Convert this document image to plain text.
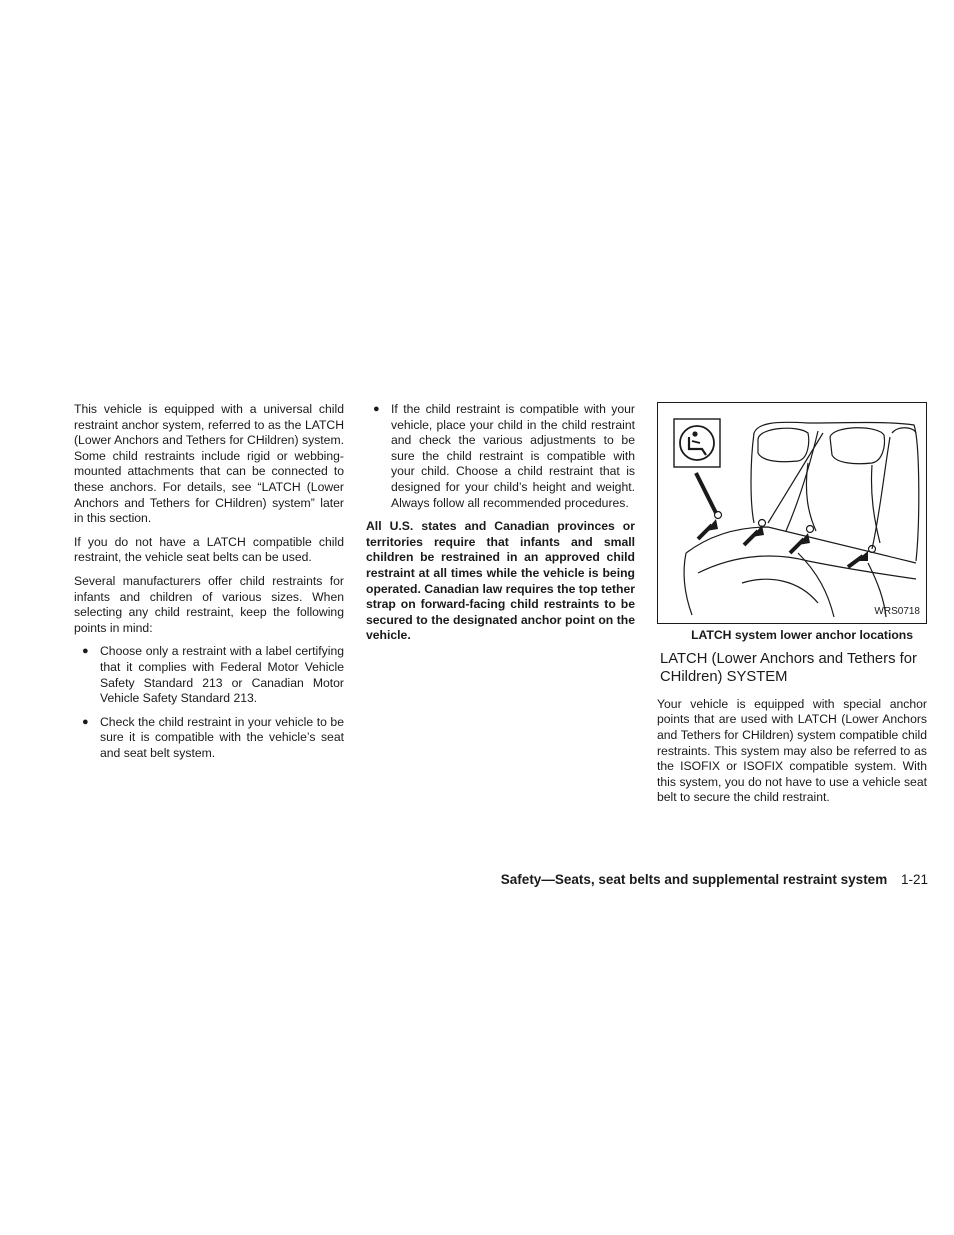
This vehicle is equipped with a universal child restraint anchor system, referred to as the LATCH (Lower Anchors and Tethers for CHildren) system. Some child restraints include rigid or webbing-mounted attachments that can be connected to these anchors. For details, see “LATCH (Lower Anchors and Tethers for CHildren) system” later in this section.

If you do not have a LATCH compatible child restraint, the vehicle seat belts can be used.

Several manufacturers offer child restraints for infants and children of various sizes. When selecting any child restraint, keep the following points in mind:

● Choose only a restraint with a label certifying that it complies with Federal Motor Vehicle Safety Standard 213 or Canadian Motor Vehicle Safety Standard 213.
● Check the child restraint in your vehicle to be sure it is compatible with the vehicle’s seat and seat belt system.
● If the child restraint is compatible with your vehicle, place your child in the child restraint and check the various adjustments to be sure the child restraint is compatible with your child. Choose a child restraint that is designed for your child’s height and weight. Always follow all recommended procedures.

All U.S. states and Canadian provinces or territories require that infants and small children be restrained in an approved child restraint at all times while the vehicle is being operated. Canadian law requires the top tether strap on forward-facing child restraints to be secured to the designated anchor point on the vehicle.

WRS0718
LATCH system lower anchor locations
LATCH (Lower Anchors and Tethers for CHildren) SYSTEM

Your vehicle is equipped with special anchor points that are used with LATCH (Lower Anchors and Tethers for CHildren) system compatible child restraints. This system may also be referred to as the ISOFIX or ISOFIX compatible system. With this system, you do not have to use a vehicle seat belt to secure the child restraint.

Safety—Seats, seat belts and supplemental restraint system 1-21
